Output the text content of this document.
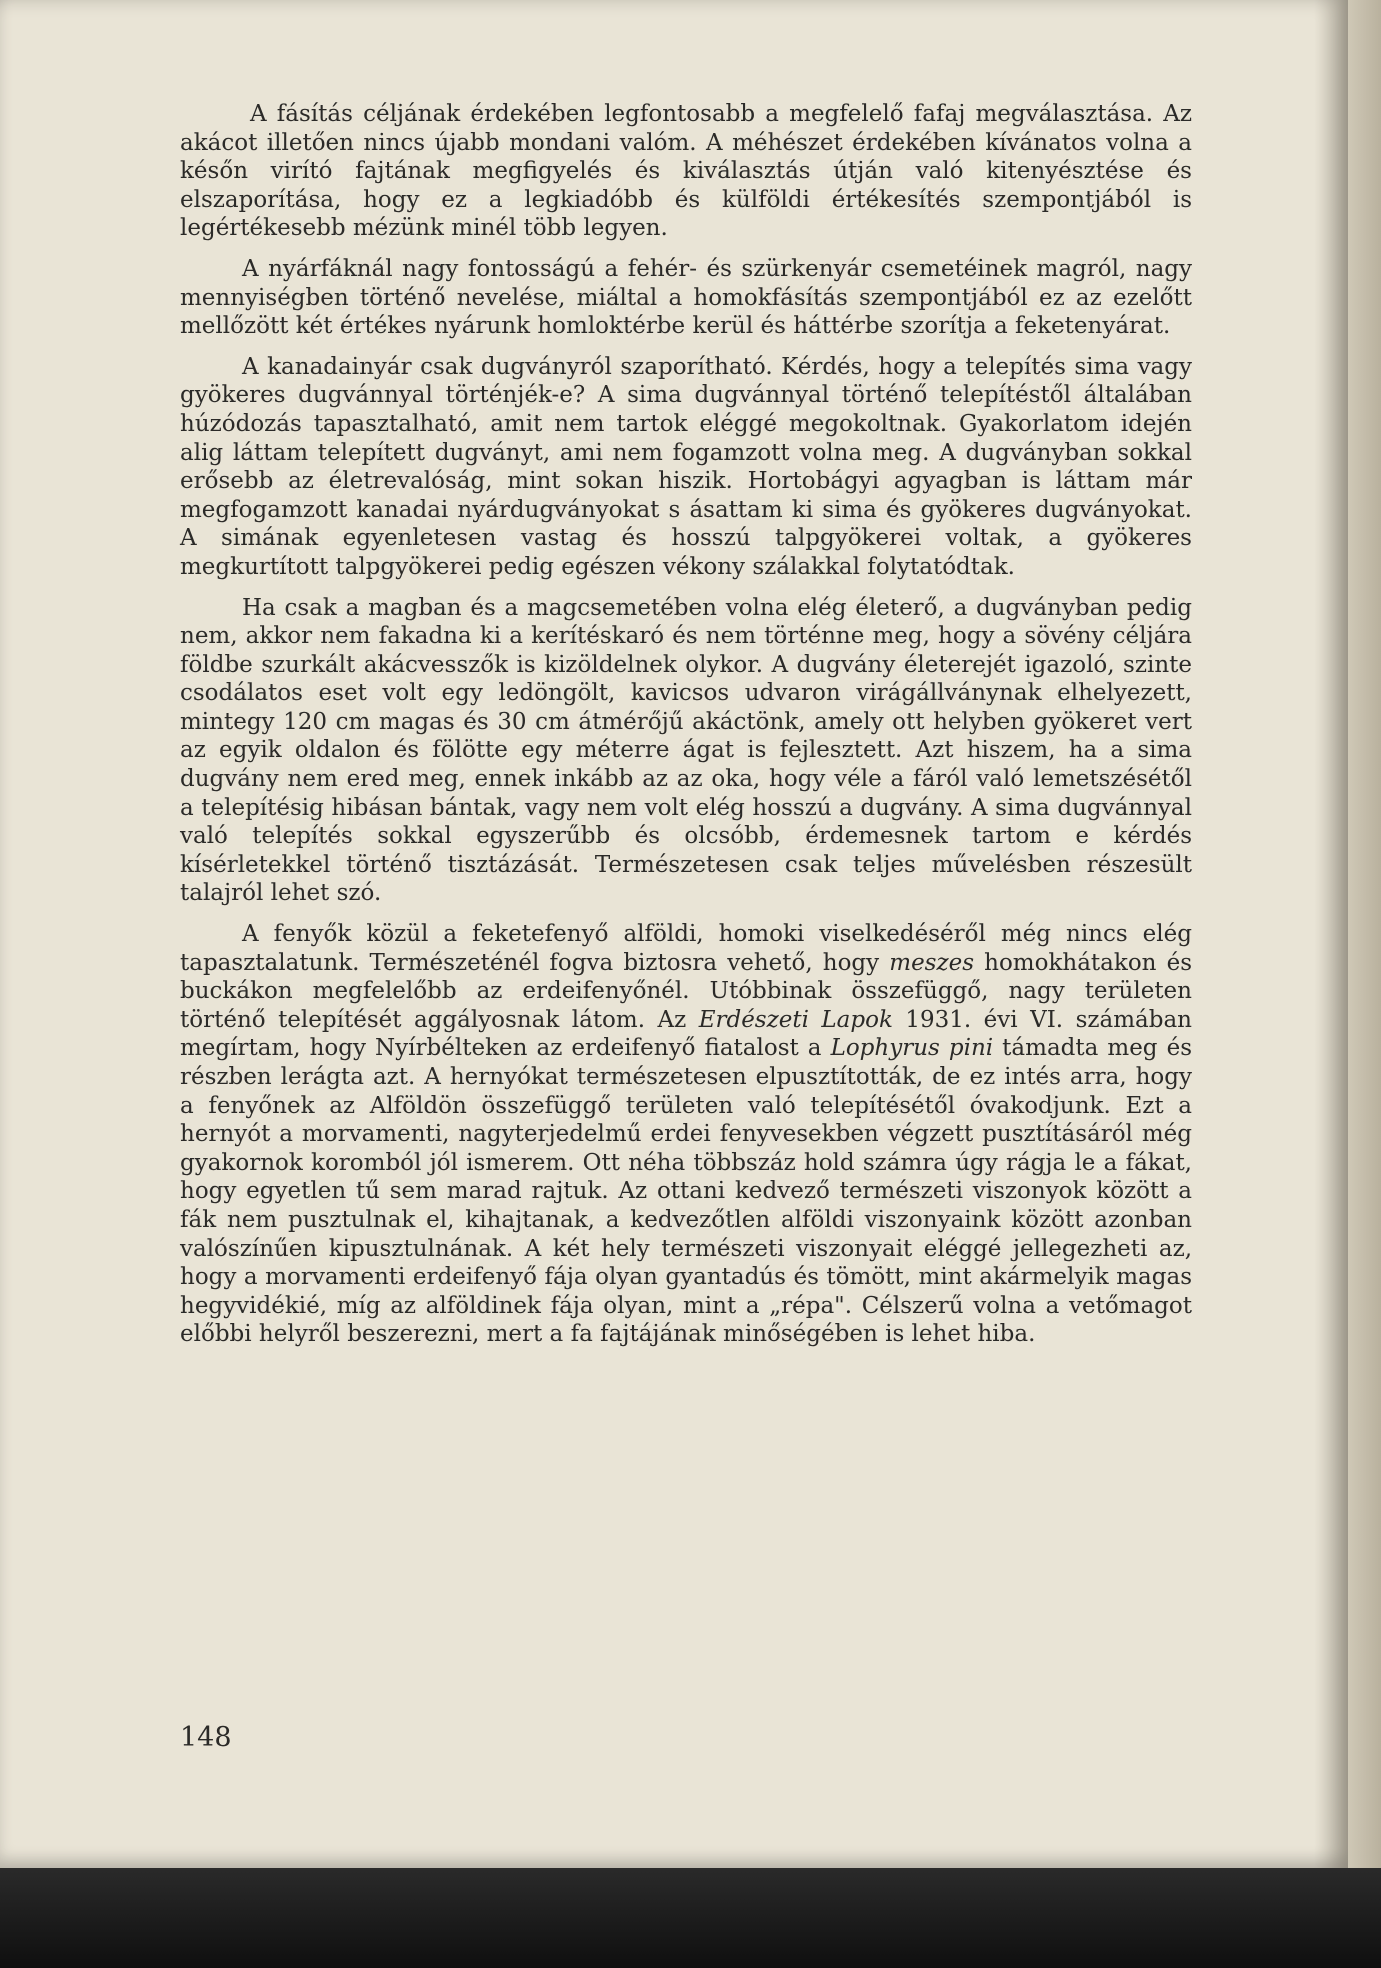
A fásítás céljának érdekében legfontosabb a megfelelő fafaj megválasztása. Az akácot illetően nincs újabb mondani valóm. A méhészet érdekében kívánatos volna a későn virító fajtának megfigyelés és kiválasztás útján való kitenyésztése és elszaporítása, hogy ez a legkiadóbb és külföldi értékesítés szempontjából is legértékesebb mézünk minél több legyen.

A nyárfáknál nagy fontosságú a fehér- és szürkenyár csemetéinek magról, nagy mennyiségben történő nevelése, miáltal a homokfásítás szempontjából ez az ezelőtt mellőzött két értékes nyárunk homloktérbe kerül és háttérbe szorítja a feketenyárat.

A kanadainyár csak dugványról szaporítható. Kérdés, hogy a telepítés sima vagy gyökeres dugvánnyal történjék-e? A sima dugvánnyal történő telepítéstől általában húzódozás tapasztalható, amit nem tartok eléggé megokoltnak. Gyakorlatom idején alig láttam telepített dugványt, ami nem fogamzott volna meg. A dugványban sokkal erősebb az életrevalóság, mint sokan hiszik. Hortobágyi agyagban is láttam már megfogamzott kanadai nyárdugványokat s ásattam ki sima és gyökeres dugványokat. A simának egyenletesen vastag és hosszú talpgyökerei voltak, a gyökeres megkurtított talpgyökerei pedig egészen vékony szálakkal folytatódtak.

Ha csak a magban és a magcsemetében volna elég életerő, a dugványban pedig nem, akkor nem fakadna ki a kerítéskaró és nem történne meg, hogy a sövény céljára földbe szurkált akácvesszők is kizöldelnek olykor. A dugvány életerejét igazoló, szinte csodálatos eset volt egy ledöngölt, kavicsos udvaron virágállványnak elhelyezett, mintegy 120 cm magas és 30 cm átmérőjű akáctönk, amely ott helyben gyökeret vert az egyik oldalon és fölötte egy méterre ágat is fejlesztett. Azt hiszem, ha a sima dugvány nem ered meg, ennek inkább az az oka, hogy véle a fáról való lemetszésétől a telepítésig hibásan bántak, vagy nem volt elég hosszú a dugvány. A sima dugvánnyal való telepítés sokkal egyszerűbb és olcsóbb, érdemesnek tartom e kérdés kísérletekkel történő tisztázását. Természetesen csak teljes művelésben részesült talajról lehet szó.

A fenyők közül a feketefenyő alföldi, homoki viselkedéséről még nincs elég tapasztalatunk. Természeténél fogva biztosra vehető, hogy meszes homokhátakon és buckákon megfelelőbb az erdeifenyőnél. Utóbbinak összefüggő, nagy területen történő telepítését aggályosnak látom. Az Erdészeti Lapok 1931. évi VI. számában megírtam, hogy Nyírbélteken az erdeifenyő fiatalost a Lophyrus pini támadta meg és részben lerágta azt. A hernyókat természetesen elpusztították, de ez intés arra, hogy a fenyőnek az Alföldön összefüggő területen való telepítésétől óvakodjunk. Ezt a hernyót a morvamenti, nagyterjedelmű erdei fenyvesekben végzett pusztításáról még gyakornok koromból jól ismerem. Ott néha többszáz hold számra úgy rágja le a fákat, hogy egyetlen tű sem marad rajtuk. Az ottani kedvező természeti viszonyok között a fák nem pusztulnak el, kihajtanak, a kedvezőtlen alföldi viszonyaink között azonban valószínűen kipusztulnának. A két hely természeti viszonyait eléggé jellegezheti az, hogy a morvamenti erdeifenyő fája olyan gyantadús és tömött, mint akármelyik magas hegyvidékié, míg az alföldinek fája olyan, mint a „répa". Célszerű volna a vetőmagot előbbi helyről beszerezni, mert a fa fajtájának minőségében is lehet hiba.

148
